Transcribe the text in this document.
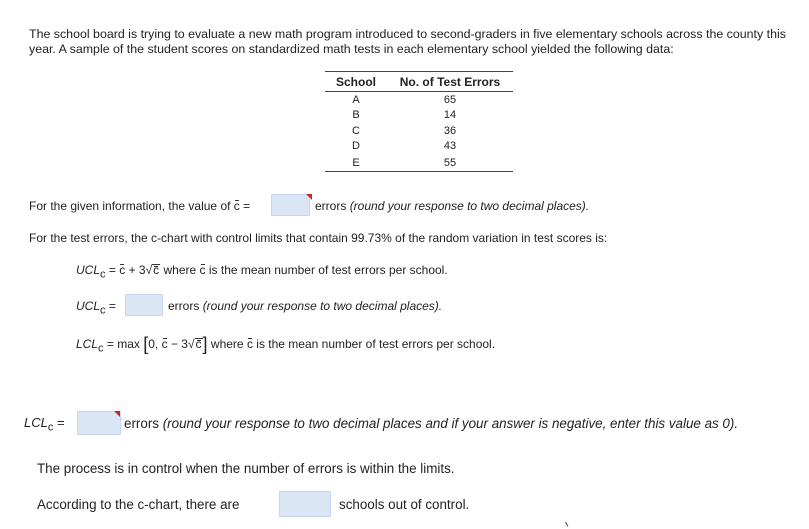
The school board is trying to evaluate a new math program introduced to second-graders in five elementary schools across the county this year. A sample of the student scores on standardized math tests in each elementary school yielded the following data:
School	No. of Test Errors
A	65
B	14
C	36
D	43
E	55
For the given information, the value of c =	errors (round your response to two decimal places).
For the test errors, the c-chart with control limits that contain 99.73% of the random variation in test scores is:
$UCL_c = c + 3√c$ where c is the mean number of test errors per school.
$UCL_c$ =	errors (round your response to two decimal places).
$LCL_c = \max [0$, c − 3√c] where c is the mean number of test errors per school.
$LCL_c$ =	errors (round your response to two decimal places and if your answer is negative, enter this value as 0).
The process is in control when the number of errors is within the limits.
According to the c-chart, there are	schools out of control.
